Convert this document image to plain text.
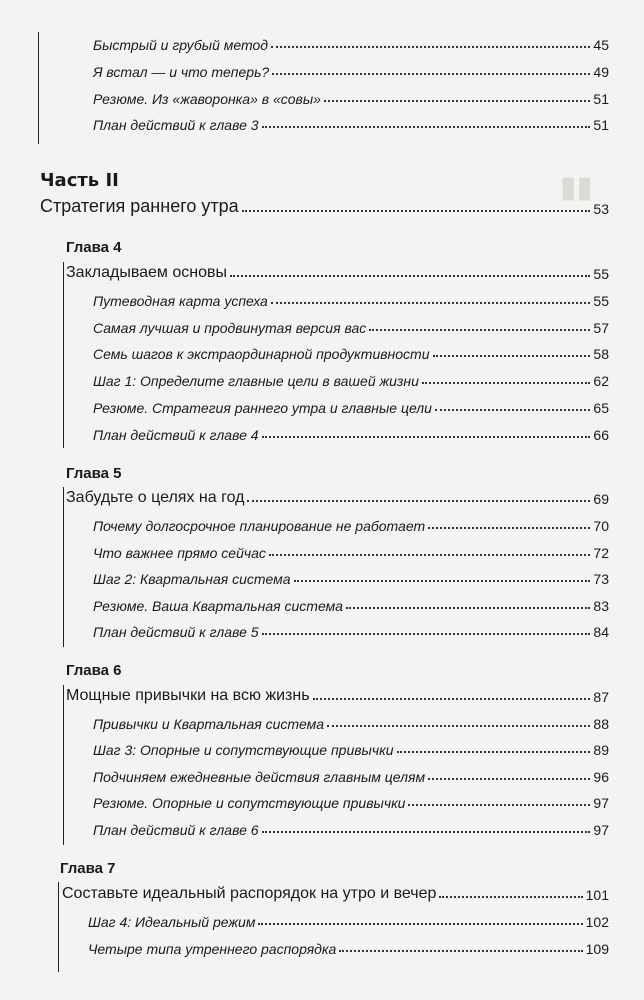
▮▮
Быстрый и грубый метод	45
Я встал — и что теперь?	49
Резюме. Из «жаворонка» в «совы»	51
План действий к главе 3	51
Часть II
Стратегия раннего утра	53
Глава 4
Закладываем основы	55
Путеводная карта успеха	55
Самая лучшая и продвинутая версия вас	57
Семь шагов к экстраординарной продуктивности	58
Шаг 1: Определите главные цели в вашей жизни	62
Резюме. Стратегия раннего утра и главные цели	65
План действий к главе 4	66
Глава 5
Забудьте о целях на год	69
Почему долгосрочное планирование не работает	70
Что важнее прямо сейчас	72
Шаг 2: Квартальная система	73
Резюме. Ваша Квартальная система	83
План действий к главе 5	84
Глава 6
Мощные привычки на всю жизнь	87
Привычки и Квартальная система	88
Шаг 3: Опорные и сопутствующие привычки	89
Подчиняем ежедневные действия главным целям	96
Резюме. Опорные и сопутствующие привычки	97
План действий к главе 6	97
Глава 7
Составьте идеальный распорядок на утро и вечер	101
Шаг 4: Идеальный режим	102
Четыре типа утреннего распорядка	109
